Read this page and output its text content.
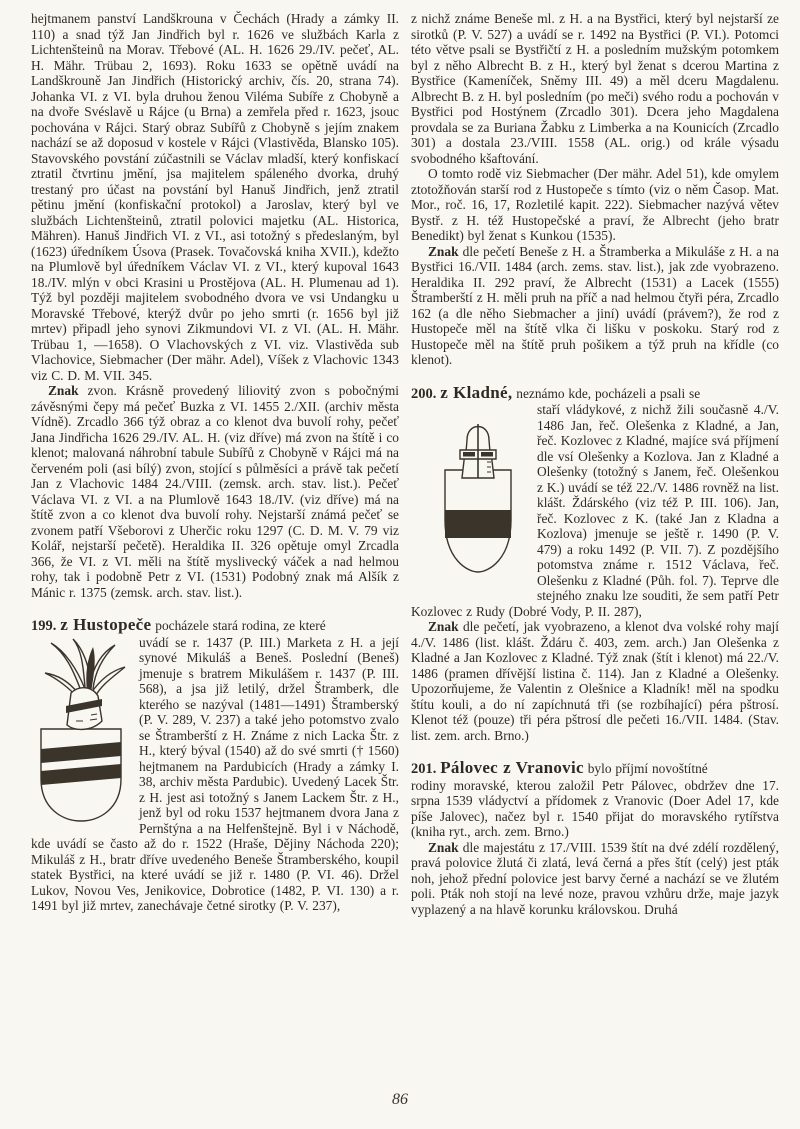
hejtmanem panství Landškrouna v Čechách (Hrady a zámky II. 110) a snad týž Jan Jindřich byl r. 1626 ve službách Karla z Lichtenšteinů na Morav. Třebové (AL. H. 1626 29./IV. pečeť, AL. H. Mähr. Trübau 2, 1693). Roku 1633 se opětně uvádí na Landškrouně Jan Jindřich (Historický archiv, čís. 20, strana 74). Johanka VI. z VI. byla druhou ženou Viléma Subíře z Chobyně a na dvoře Svéslavě u Rájce (u Brna) a zemřela před r. 1623, jsouc pochována v Rájci. Starý obraz Subířů z Chobyně s jejím znakem nachází se až doposud v kostele v Rájci (Vlastivěda, Blansko 105). Stavovského povstání zúčastnili se Václav mladší, který konfiskací ztratil čtvrtinu jmění, jsa majitelem spáleného dvorka, druhý trestaný pro účast na povstání byl Hanuš Jindřich, jenž ztratil pětinu jmění (konfiskační protokol) a Jaroslav, který byl ve službách Lichtenšteinů, ztratil polovici majetku (AL. Historica, Mähren). Hanuš Jindřich VI. z VI., asi totožný s předeslaným, byl (1623) úředníkem Úsova (Prasek. Tovačovská kniha XVII.), kdežto na Plumlově byl úředníkem Václav VI. z VI., který kupoval 1643 18./IV. mlýn v obci Krasini u Prostějova (AL. H. Plumenau ad 1). Týž byl později majitelem svobodného dvora ve vsi Undangku u Moravské Třebové, kterýž dvůr po jeho smrti (r. 1656 byl již mrtev) připadl jeho synovi Zikmundovi VI. z VI. (AL. H. Mähr. Trübau 1, —1658). O Vlachovských z VI. viz. Vlastivěda sub Vlachovice, Siebmacher (Der mähr. Adel), Víšek z Vlachovic 1343 viz C. D. M. VII. 345.

Znak zvon. Krásně provedený liliovitý zvon s pobočnými závěsnými čepy má pečeť Buzka z VI. 1455 2./XII. (archiv města Vídně). Zrcadlo 366 týž obraz a co klenot dva buvolí rohy, pečeť Jana Jindřicha 1626 29./IV. AL. H. (viz dříve) má zvon na štítě i co klenot; malovaná náhrobní tabule Subířů z Chobyně v Rájci má na červeném poli (asi bílý) zvon, stojící s půlměsíci a právě tak pečetí Jan z Vlachovic 1484 24./VIII. (zemsk. arch. stav. list.). Pečeť Václava VI. z VI. a na Plumlově 1643 18./IV. (viz dříve) má na štítě zvon a co klenot dva buvolí rohy. Nejstarší známá pečeť se zvonem patří Všeborovi z Uherčic roku 1297 (C. D. M. V. 79 viz Kolář, nejstarší pečetě). Heraldika II. 326 opětuje omyl Zrcadla 366, že VI. z VI. měli na štítě myslivecký váček a nad helmou rohy, tak i podobně Petr z VI. (1531) Podobný znak má Alšík z Mánic r. 1375 (zemsk. arch. stav. list.).

199. z Hustopeče pocházele stará rodina, ze které

uvádí se r. 1437 (P. III.) Marketa z H. a její synové Mikuláš a Beneš. Poslední (Beneš) jmenuje s bratrem Mikulášem r. 1437 (P. III. 568), a jsa již letilý, držel Štramberk, dle kterého se nazýval (1481—1491) Štramberský (P. V. 289, V. 237) a také jeho potomstvo zvalo se Štramberští z H. Známe z nich Lacka Štr. z H., který býval (1540) až do své smrti († 1560) hejtmanem na Pardubicích (Hrady a zámky I. 38, archiv města Pardubic). Uvedený Lacek Štr. z H. jest asi totožný s Janem Lackem Štr. z H., jenž byl od roku 1537 hejtmanem dvora Jana z Pernštýna a na Helfenštejně. Byl i v Náchodě, kde uvádí se často až do r. 1522 (Hraše, Dějiny Náchoda 220); Mikuláš z H., bratr dříve uvedeného Beneše Štramberského, koupil statek Bystřici, na které uvádí se již r. 1480 (P. VI. 46). Držel Lukov, Novou Ves, Jenikovice, Dobrotice (1482, P. VI. 130) a r. 1491 byl již mrtev, zanechávaje četné sirotky (P. V. 237),

z nichž známe Beneše ml. z H. a na Bystřici, který byl nejstarší ze sirotků (P. V. 527) a uvádí se r. 1492 na Bystřici (P. VI.). Potomci této větve psali se Bystřičtí z H. a posledním mužským potomkem byl z něho Albrecht B. z H., který byl ženat s dcerou Martina z Bystřice (Kameníček, Sněmy III. 49) a měl dceru Magdalenu. Albrecht B. z H. byl posledním (po meči) svého rodu a pochován v Bystřici pod Hostýnem (Zrcadlo 301). Dcera jeho Magdalena provdala se za Buriana Žabku z Limberka a na Kounicích (Zrcadlo 301) a dostala 23./VIII. 1558 (AL. orig.) od krále výsadu svobodného kšaftování.

O tomto rodě viz Siebmacher (Der mähr. Adel 51), kde omylem ztotožňován starší rod z Hustopeče s tímto (viz o něm Časop. Mat. Mor., roč. 16, 17, Rozletilé kapit. 222). Siebmacher nazývá větev Bystř. z H. též Hustopečské a praví, že Albrecht (jeho bratr Benedikt) byl ženat s Kunkou (1535).

Znak dle pečetí Beneše z H. a Štramberka a Mikuláše z H. a na Bystřici 16./VII. 1484 (arch. zems. stav. list.), jak zde vyobrazeno. Heraldika II. 292 praví, že Albrecht (1531) a Lacek (1555) Štramberští z H. měli pruh na příč a nad helmou čtyři péra, Zrcadlo 162 (a dle něho Siebmacher a jiní) uvádí (právem?), že rod z Hustopeče měl na štítě vlka či lišku v poskoku. Starý rod z Hustopeče měl na štítě pruh pošikem a týž pruh na křídle (co klenot).

200. z Kladné, neznámo kde, pocházeli a psali se

staří vládykové, z nichž žili současně 4./V. 1486 Jan, řeč. Olešenka z Kladné, a Jan, řeč. Kozlovec z Kladné, majíce svá příjmení dle vsí Olešenky a Kozlova. Jan z Kladné a Olešenky (totožný s Janem, řeč. Olešenkou z K.) uvádí se též 22./V. 1486 rovněž na list. klášt. Ždárského (viz též P. III. 106). Jan, řeč. Kozlovec z K. (také Jan z Kladna a Kozlova) jmenuje se ještě r. 1490 (P. V. 479) a roku 1492 (P. VII. 7). Z pozdějšího potomstva známe r. 1512 Václava, řeč. Olešenku z Kladné (Půh. fol. 7). Teprve dle stejného znaku lze souditi, že sem patří Petr Kozlovec z Rudy (Dobré Vody, P. II. 287),

Znak dle pečetí, jak vyobrazeno, a klenot dva volské rohy mají 4./V. 1486 (list. klášt. Ždáru č. 403, zem. arch.) Jan Olešenka z Kladné a Jan Kozlovec z Kladné. Týž znak (štít i klenot) má 22./V. 1486 (pramen dřívější listina č. 114). Jan z Kladné a Olešenky. Upozorňujeme, že Valentin z Olešnice a Kladník! měl na spodku štítu kouli, a do ní zapíchnutá tři (se rozbíhající) péra pštrosí. Klenot též (pouze) tři péra pštrosí dle pečeti 16./VII. 1484. (Stav. list. zem. arch. Brno.)

201. Pálovec z Vranovic bylo příjmí novoštítné

rodiny moravské, kterou založil Petr Pálovec, obdržev dne 17. srpna 1539 vládyctví a přídomek z Vranovic (Doer Adel 17, kde píše Jalovec), načez byl r. 1540 přijat do moravského rytířstva (kniha ryt., arch. zem. Brno.)

Znak dle majestátu z 17./VIII. 1539 štít na dvé zdélí rozdělený, pravá polovice žlutá či zlatá, levá černá a přes štít (celý) jest pták noh, jehož přední polovice jest barvy černé a nachází se ve žlutém poli. Pták noh stojí na levé noze, pravou vzhůru drže, maje jazyk vyplazený a na hlavě korunku královskou. Druhá

86
